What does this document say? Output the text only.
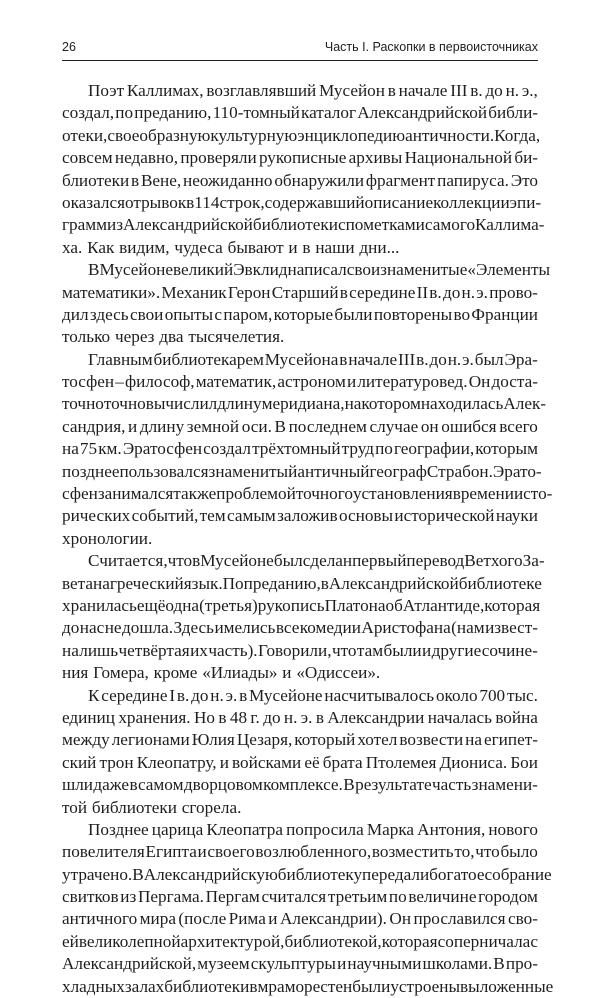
26	Часть I. Раскопки в первоисточниках
Поэт Каллимах, возглавлявший Мусейон в начале III в. до н. э.,
создал, по преданию, 110-томный каталог Александрийской библи-
отеки, своеобразную культурную энциклопедию античности. Когда,
совсем недавно, проверяли рукописные архивы Национальной би-
блиотеки в Вене, неожиданно обнаружили фрагмент папируса. Это
оказался отрывок в 114 строк, содержавший описание коллекции эпи-
грамм из Александрийской библиотеки с пометками самого Каллима-
ха. Как видим, чудеса бывают и в наши дни...
В Мусейоне великий Эвклид написал свои знаменитые «Элементы
математики». Механик Герон Старший в середине II в. до н. э. прово-
дил здесь свои опыты с паром, которые были повторены во Франции
только через два тысячелетия.
Главным библиотекарем Мусейона в начале III в. до н. э. был Эра-
тосфен – философ, математик, астроном и литературовед. Он доста-
точно точно вычислил длину меридиана, на котором находилась Алек-
сандрия, и длину земной оси. В последнем случае он ошибся всего
на 75 км. Эратосфен создал трёхтомный труд по географии, которым
позднее пользовался знаменитый античный географ Страбон. Эрато-
сфен занимался также проблемой точного установления времени исто-
рических событий, тем самым заложив основы исторической науки
хронологии.
Считается, что в Мусейоне был сделан первый перевод Ветхого За-
вета на греческий язык. По преданию, в Александрийской библиотеке
хранилась ещё одна (третья) рукопись Платона об Атлантиде, которая
до нас не дошла. Здесь имелись все комедии Аристофана (нам извест-
на лишь четвёртая их часть). Говорили, что там были и другие сочине-
ния Гомера, кроме «Илиады» и «Одиссеи».
К середине I в. до н. э. в Мусейоне насчитывалось около 700 тыс.
единиц хранения. Но в 48 г. до н. э. в Александрии началась война
между легионами Юлия Цезаря, который хотел возвести на египет-
ский трон Клеопатру, и войсками её брата Птолемея Диониса. Бои
шли даже в самом дворцовом комплексе. В результате часть знамени-
той библиотеки сгорела.
Позднее царица Клеопатра попросила Марка Антония, нового
повелителя Египта и своего возлюбленного, возместить то, что было
утрачено. В Александрийскую библиотеку передали богатое собрание
свитков из Пергама. Пергам считался третьим по величине городом
античного мира (после Рима и Александрии). Он прославился сво-
ей великолепной архитектурой, библиотекой, которая соперничала с
Александрийской, музеем скульптуры и научными школами. В про-
хладных залах библиотеки в мраморе стен были устроены выложенные
